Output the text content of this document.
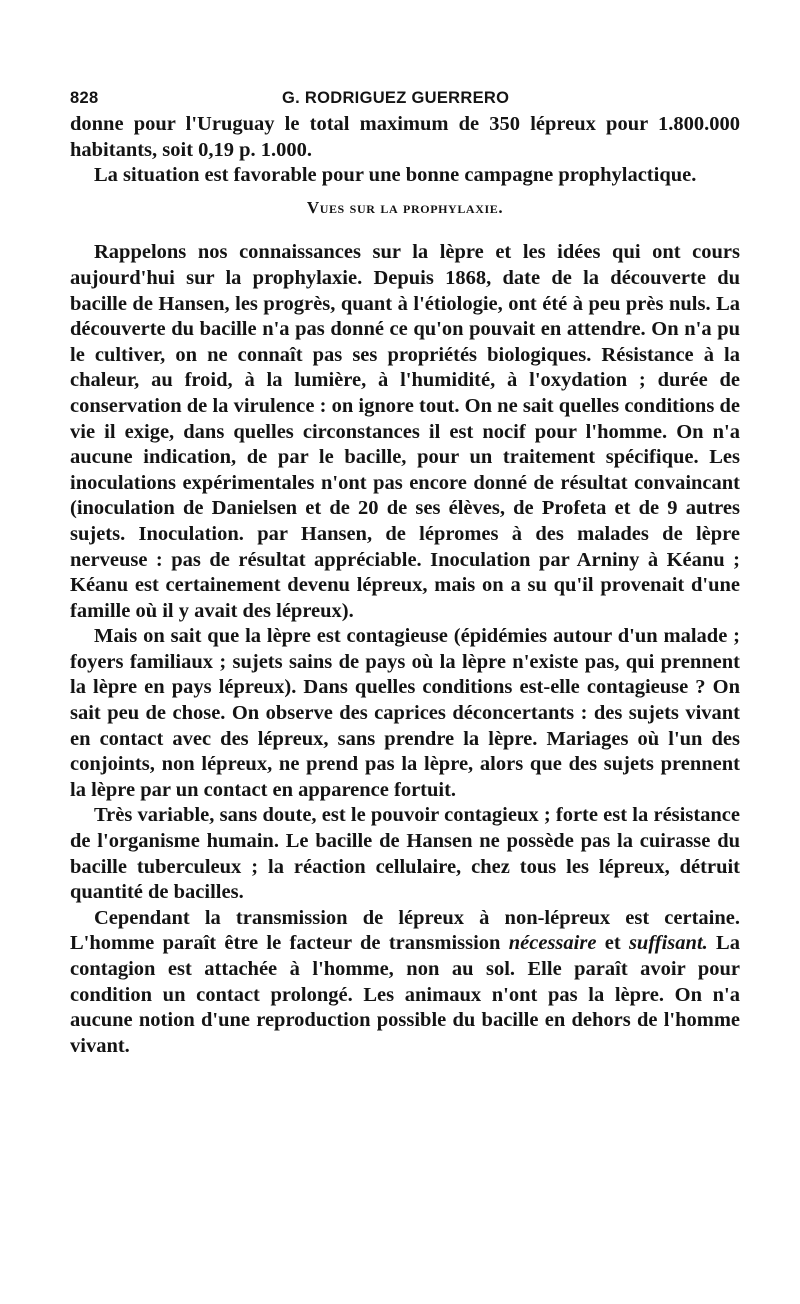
828	G. RODRIGUEZ GUERRERO

donne pour l'Uruguay le total maximum de 350 lépreux pour 1.800.000 habitants, soit 0,19 p. 1.000.

La situation est favorable pour une bonne campagne prophylactique.

Vues sur la prophylaxie.

Rappelons nos connaissances sur la lèpre et les idées qui ont cours aujourd'hui sur la prophylaxie. Depuis 1868, date de la découverte du bacille de Hansen, les progrès, quant à l'étiologie, ont été à peu près nuls. La découverte du bacille n'a pas donné ce qu'on pouvait en attendre. On n'a pu le cultiver, on ne connaît pas ses propriétés biologiques. Résistance à la chaleur, au froid, à la lumière, à l'humidité, à l'oxydation ; durée de conservation de la virulence : on ignore tout. On ne sait quelles conditions de vie il exige, dans quelles circonstances il est nocif pour l'homme. On n'a aucune indication, de par le bacille, pour un traitement spécifique. Les inoculations expérimentales n'ont pas encore donné de résultat convaincant (inoculation de Danielsen et de 20 de ses élèves, de Profeta et de 9 autres sujets. Inoculation. par Hansen, de lépromes à des malades de lèpre nerveuse : pas de résultat appréciable. Inoculation par Arniny à Kéanu ; Kéanu est certainement devenu lépreux, mais on a su qu'il provenait d'une famille où il y avait des lépreux).

Mais on sait que la lèpre est contagieuse (épidémies autour d'un malade ; foyers familiaux ; sujets sains de pays où la lèpre n'existe pas, qui prennent la lèpre en pays lépreux). Dans quelles conditions est-elle contagieuse ? On sait peu de chose. On observe des caprices déconcertants : des sujets vivant en contact avec des lépreux, sans prendre la lèpre. Mariages où l'un des conjoints, non lépreux, ne prend pas la lèpre, alors que des sujets prennent la lèpre par un contact en apparence fortuit.

Très variable, sans doute, est le pouvoir contagieux ; forte est la résistance de l'organisme humain. Le bacille de Hansen ne possède pas la cuirasse du bacille tuberculeux ; la réaction cellulaire, chez tous les lépreux, détruit quantité de bacilles.

Cependant la transmission de lépreux à non-lépreux est certaine. L'homme paraît être le facteur de transmission nécessaire et suffisant. La contagion est attachée à l'homme, non au sol. Elle paraît avoir pour condition un contact prolongé. Les animaux n'ont pas la lèpre. On n'a aucune notion d'une reproduction possible du bacille en dehors de l'homme vivant.
